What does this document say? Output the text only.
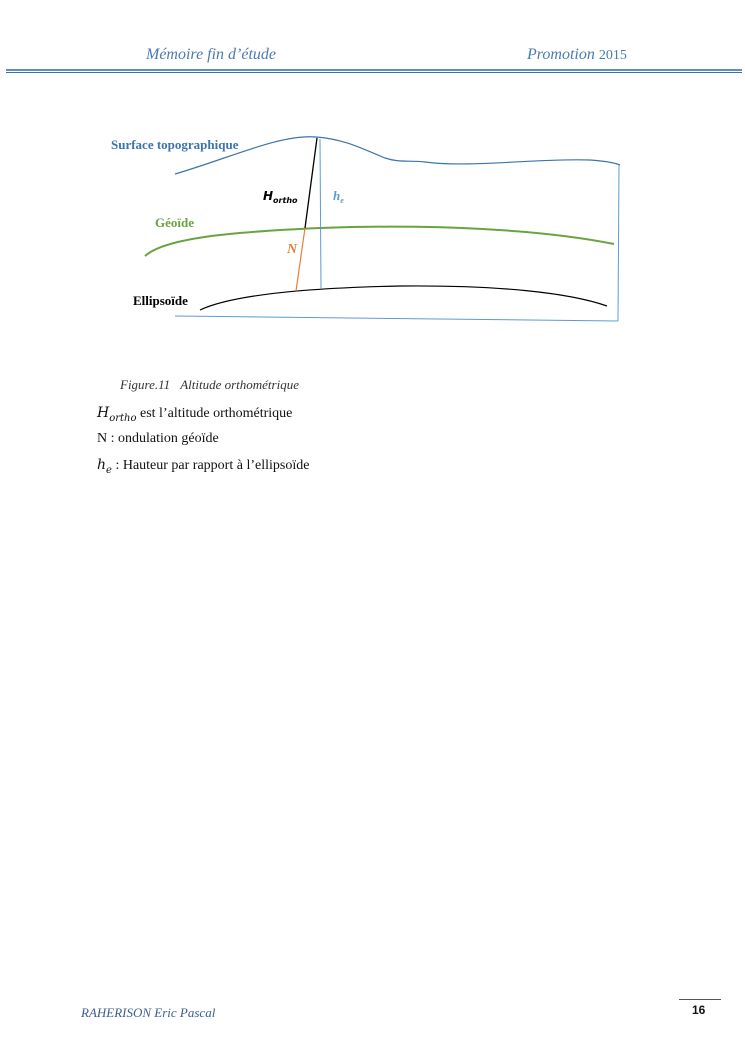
Mémoire fin d’étude	Promotion 2015
Surface topographique
Géoïde
Ellipsoïde
Hortho	he
N
Figure.11 Altitude orthométrique
$H_{ortho}$ est l’altitude orthométrique
N : ondulation géoïde
$h_e$ : Hauteur par rapport à l’ellipsoïde
RAHERISON Eric Pascal	16
